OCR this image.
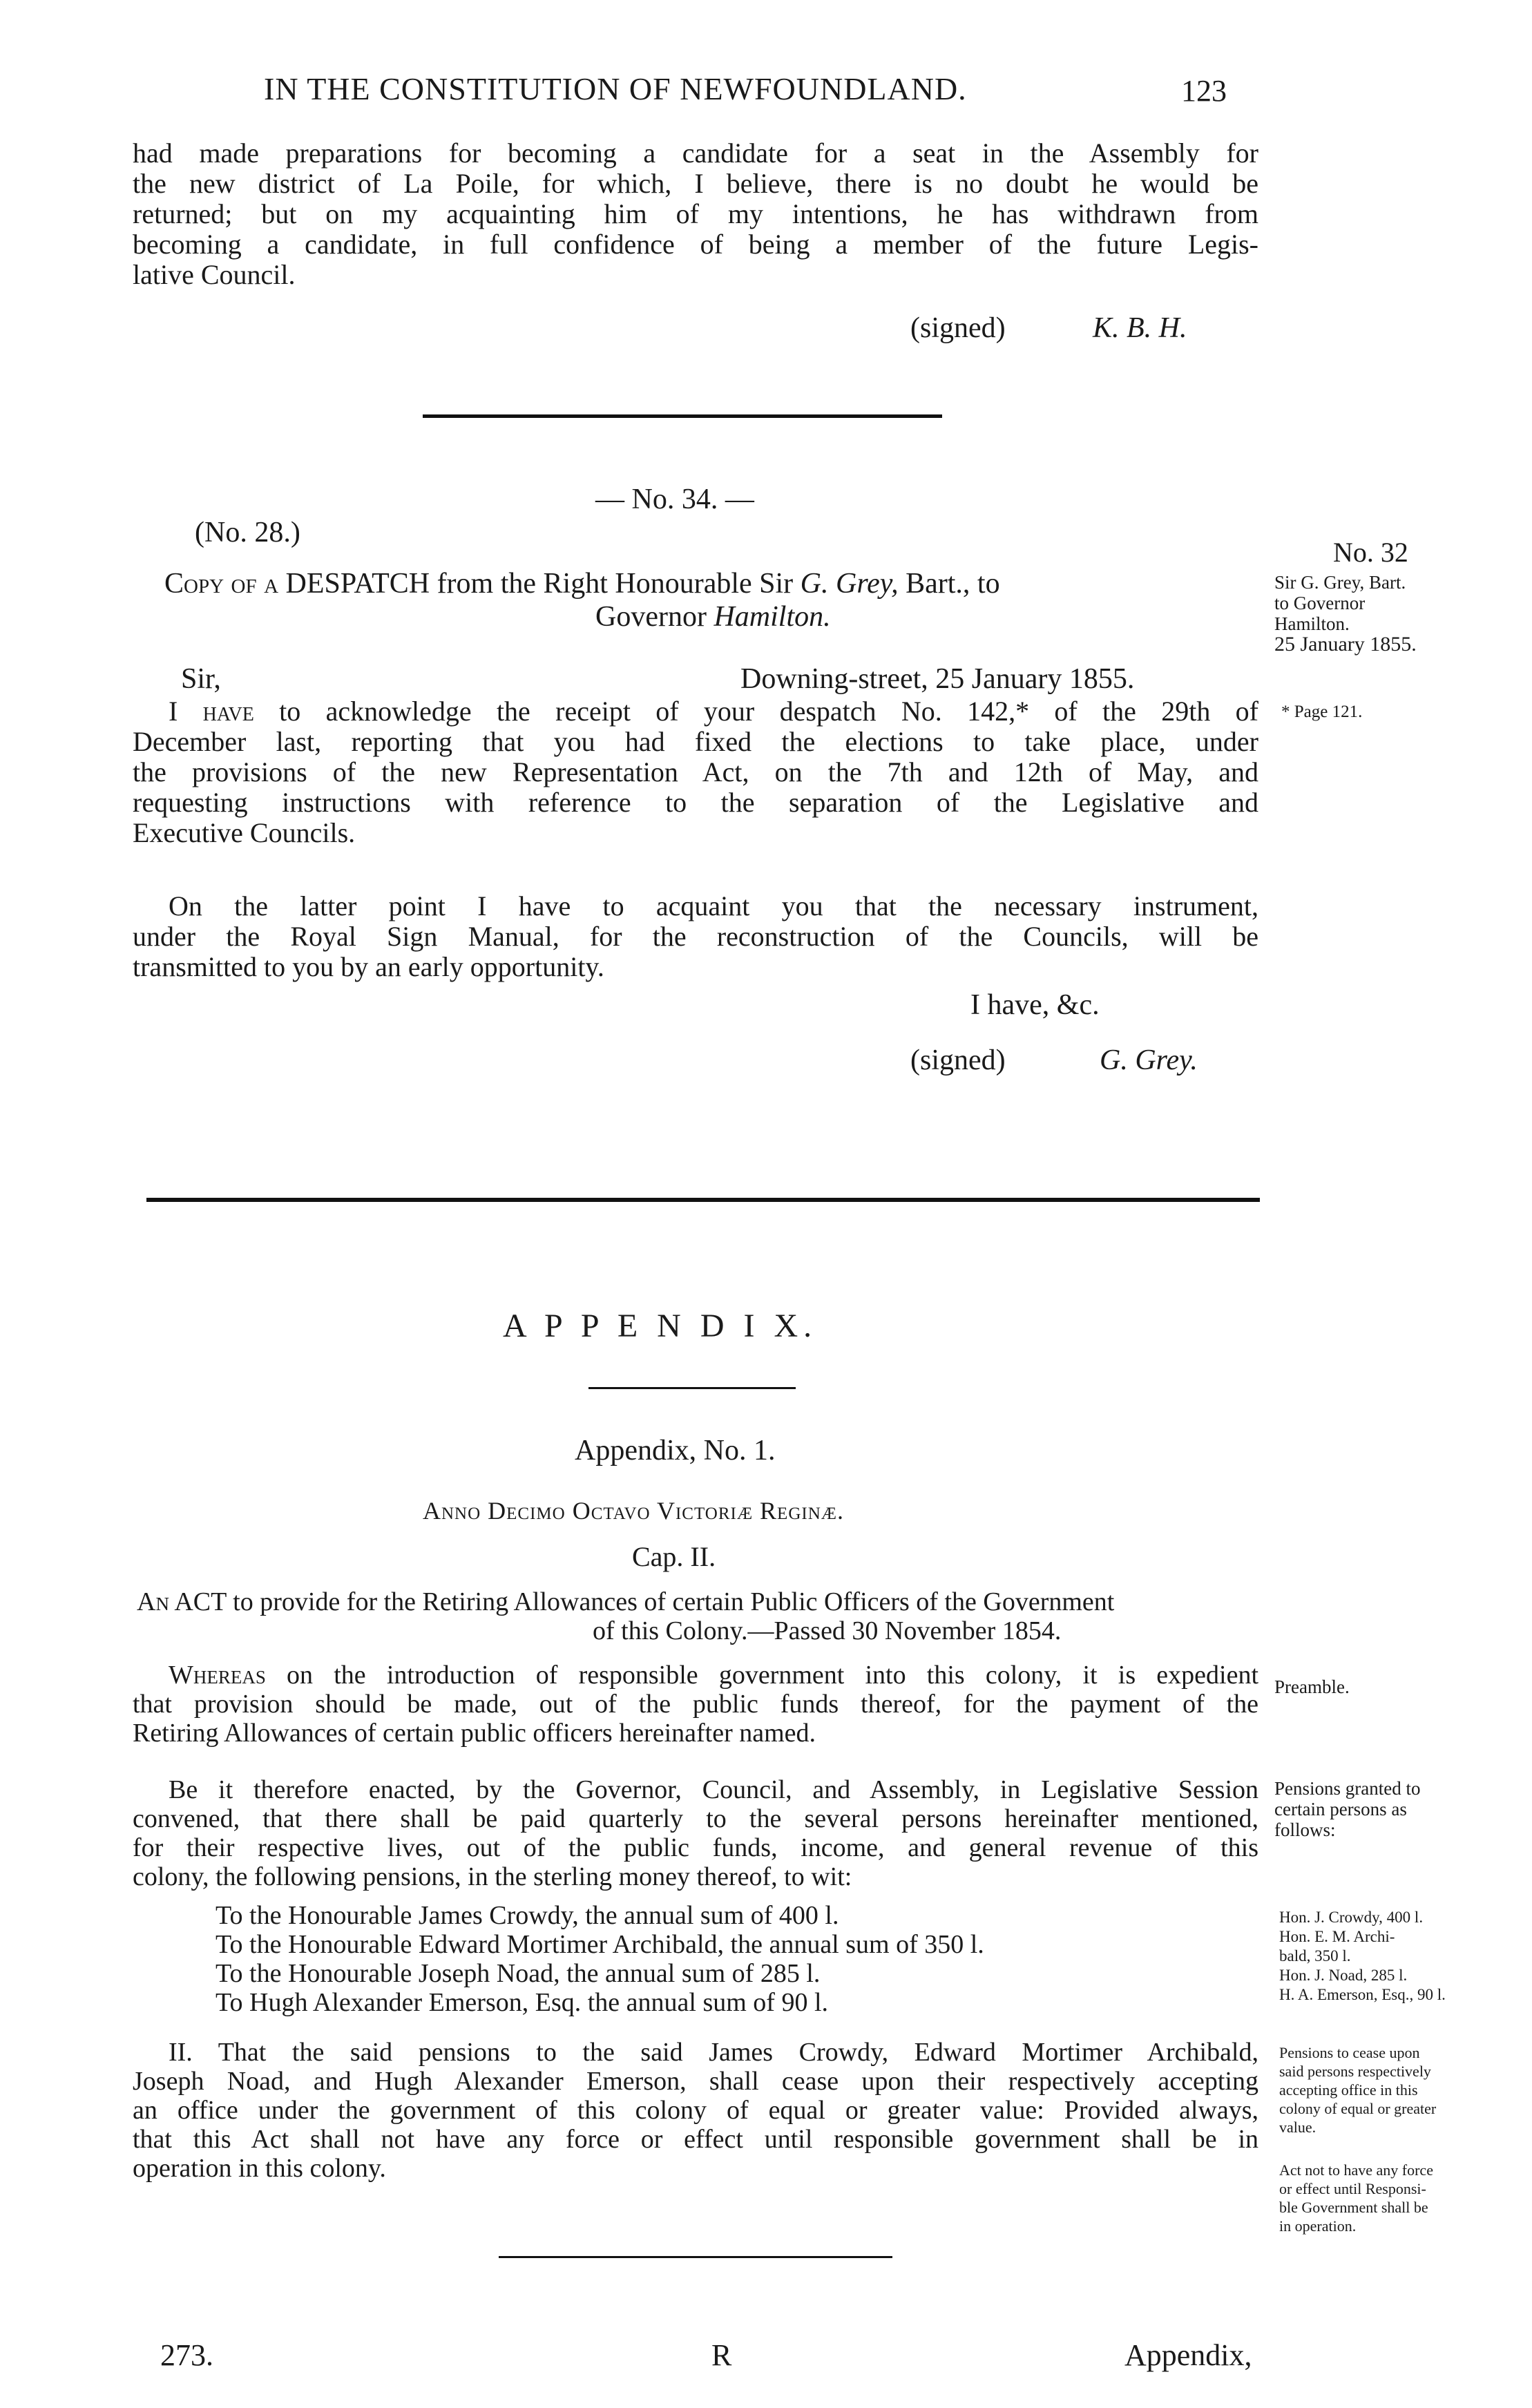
IN THE CONSTITUTION OF NEWFOUNDLAND.	123
had made preparations for becoming a candidate for a seat in the Assembly for
the new district of La Poile, for which, I believe, there is no doubt he would be
returned; but on my acquainting him of my intentions, he has withdrawn from
becoming a candidate, in full confidence of being a member of the future Legis-
lative Council.
(signed)	K. B. H.
— No. 34. —
(No. 28.)
Copy of a DESPATCH from the Right Honourable Sir G. Grey, Bart., to
Governor Hamilton.
Sir,	Downing-street, 25 January 1855.
I have to acknowledge the receipt of your despatch No. 142,* of the 29th of
December last, reporting that you had fixed the elections to take place, under
the provisions of the new Representation Act, on the 7th and 12th of May, and
requesting instructions with reference to the separation of the Legislative and
Executive Councils.
On the latter point I have to acquaint you that the necessary instrument,
under the Royal Sign Manual, for the reconstruction of the Councils, will be
transmitted to you by an early opportunity.
I have, &c.
(signed)	G. Grey.
No. 32
Sir G. Grey, Bart.
to Governor
Hamilton.
25 January 1855.
* Page 121.
A P P E N D I X.
Appendix, No. 1.
Anno Decimo Octavo Victoriæ Reginæ.
Cap. II.
An ACT to provide for the Retiring Allowances of certain Public Officers of the Government
of this Colony.—Passed 30 November 1854.
Whereas on the introduction of responsible government into this colony, it is expedient
that provision should be made, out of the public funds thereof, for the payment of the
Retiring Allowances of certain public officers hereinafter named.
Be it therefore enacted, by the Governor, Council, and Assembly, in Legislative Session
convened, that there shall be paid quarterly to the several persons hereinafter mentioned,
for their respective lives, out of the public funds, income, and general revenue of this
colony, the following pensions, in the sterling money thereof, to wit:
To the Honourable James Crowdy, the annual sum of 400 l.
To the Honourable Edward Mortimer Archibald, the annual sum of 350 l.
To the Honourable Joseph Noad, the annual sum of 285 l.
To Hugh Alexander Emerson, Esq. the annual sum of 90 l.
II. That the said pensions to the said James Crowdy, Edward Mortimer Archibald,
Joseph Noad, and Hugh Alexander Emerson, shall cease upon their respectively accepting
an office under the government of this colony of equal or greater value: Provided always,
that this Act shall not have any force or effect until responsible government shall be in
operation in this colony.
Preamble.
Pensions granted to
certain persons as
follows:
Hon. J. Crowdy, 400 l.
Hon. E. M. Archi-
bald, 350 l.
Hon. J. Noad, 285 l.
H. A. Emerson, Esq., 90 l.
Pensions to cease upon
said persons respectively
accepting office in this
colony of equal or greater
value.
Act not to have any force
or effect until Responsi-
ble Government shall be
in operation.
273.	R	Appendix,
